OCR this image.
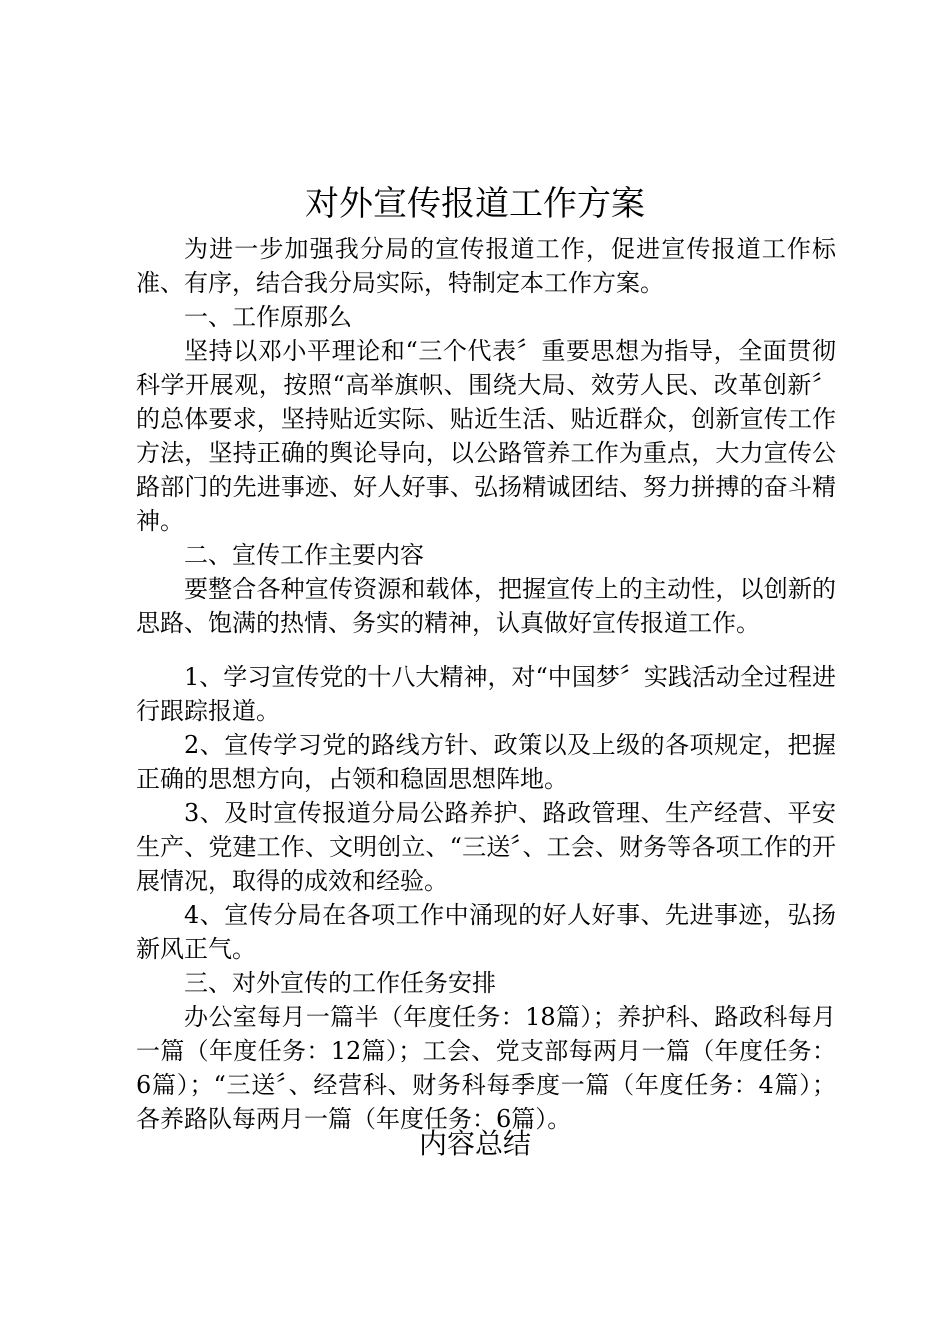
对外宣传报道工作方案

为进一步加强我分局的宣传报道工作，促进宣传报道工作标准、有序，结合我分局实际，特制定本工作方案。

一、工作原那么

坚持以邓小平理论和“三个代表〞重要思想为指导，全面贯彻科学开展观，按照“高举旗帜、围绕大局、效劳人民、改革创新〞的总体要求，坚持贴近实际、贴近生活、贴近群众，创新宣传工作方法，坚持正确的舆论导向，以公路管养工作为重点，大力宣传公路部门的先进事迹、好人好事、弘扬精诚团结、努力拼搏的奋斗精神。

二、宣传工作主要内容

要整合各种宣传资源和载体，把握宣传上的主动性，以创新的思路、饱满的热情、务实的精神，认真做好宣传报道工作。

1、学习宣传党的十八大精神，对“中国梦〞实践活动全过程进行跟踪报道。

2、宣传学习党的路线方针、政策以及上级的各项规定，把握正确的思想方向，占领和稳固思想阵地。

3、及时宣传报道分局公路养护、路政管理、生产经营、平安生产、党建工作、文明创立、“三送〞、工会、财务等各项工作的开展情况，取得的成效和经验。

4、宣传分局在各项工作中涌现的好人好事、先进事迹，弘扬新风正气。

三、对外宣传的工作任务安排

办公室每月一篇半（年度任务：18篇）；养护科、路政科每月一篇（年度任务：12篇）；工会、党支部每两月一篇（年度任务：6篇）；“三送〞、经营科、财务科每季度一篇（年度任务：4篇）；各养路队每两月一篇（年度任务：6篇）。

内容总结
